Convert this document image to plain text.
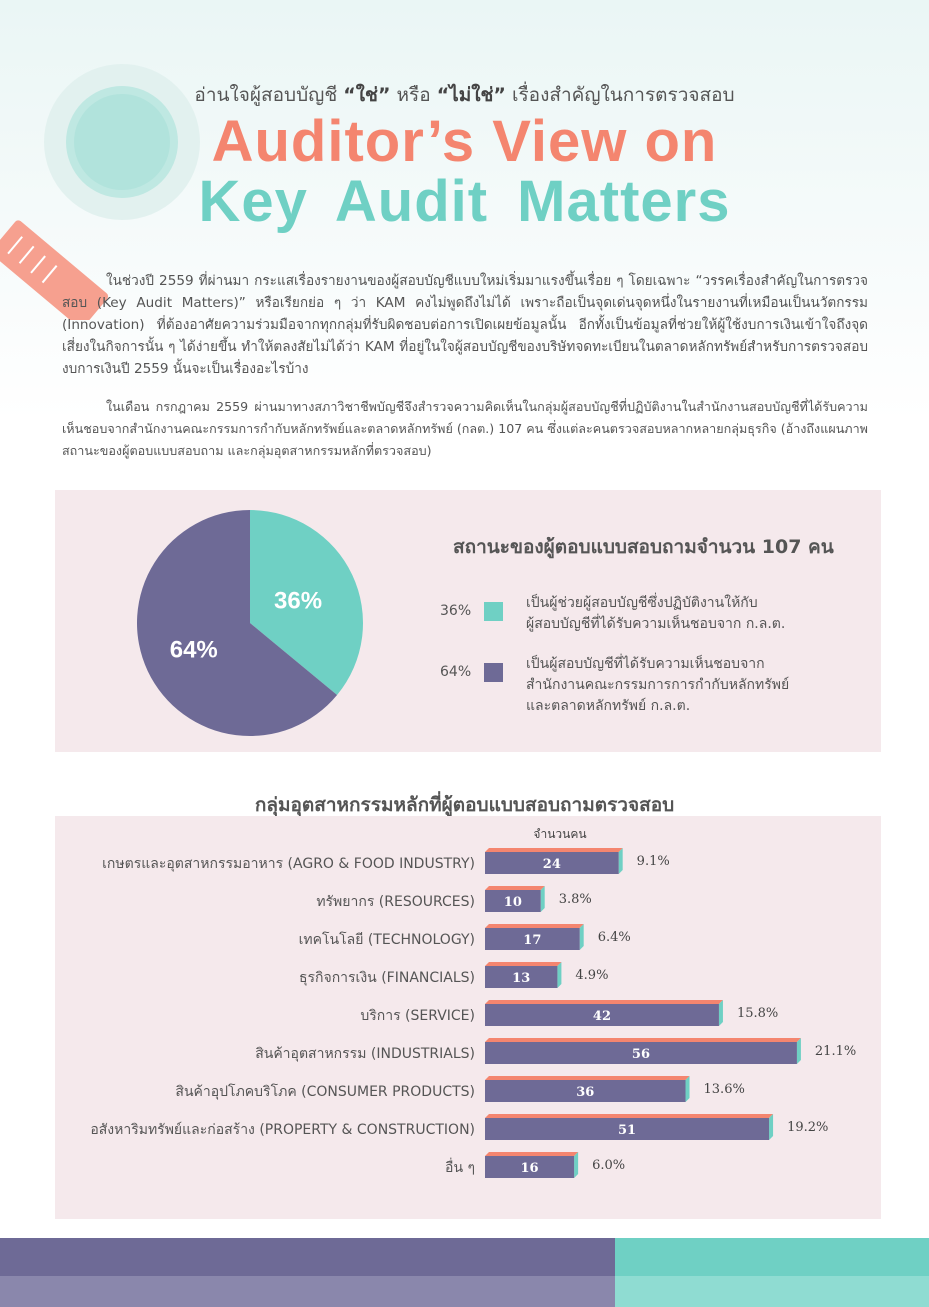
อ่านใจผู้สอบบัญชี “ใช่” หรือ “ไม่ใช่” เรื่องสำคัญในการตรวจสอบ
Auditor’s View on
Key Audit Matters

ในช่วงปี 2559 ที่ผ่านมา กระแสเรื่องรายงานของผู้สอบบัญชีแบบใหม่เริ่มมาแรงขึ้นเรื่อย ๆ โดยเฉพาะ “วรรคเรื่องสำคัญในการตรวจสอบ (Key Audit Matters)” หรือเรียกย่อ ๆ ว่า KAM คงไม่พูดถึงไม่ได้ เพราะถือเป็นจุดเด่นจุดหนึ่งในรายงานที่เหมือนเป็นนวัตกรรม (Innovation) ที่ต้องอาศัยความร่วมมือจากทุกกลุ่มที่รับผิดชอบต่อการเปิดเผยข้อมูลนั้น อีกทั้งเป็นข้อมูลที่ช่วยให้ผู้ใช้งบการเงินเข้าใจถึงจุดเสี่ยงในกิจการนั้น ๆ ได้ง่ายขึ้น ทำให้ตลงสัยไม่ได้ว่า KAM ที่อยู่ในใจผู้สอบบัญชีของบริษัทจดทะเบียนในตลาดหลักทรัพย์สำหรับการตรวจสอบงบการเงินปี 2559 นั้นจะเป็นเรื่องอะไรบ้าง

ในเดือน กรกฎาคม 2559 ผ่านมาทางสภาวิชาชีพบัญชีจึงสำรวจความคิดเห็นในกลุ่มผู้สอบบัญชีที่ปฏิบัติงานในสำนักงานสอบบัญชีที่ได้รับความเห็นชอบจากสำนักงานคณะกรรมการกำกับหลักทรัพย์และตลาดหลักทรัพย์ (กลต.) 107 คน ซึ่งแต่ละคนตรวจสอบหลากหลายกลุ่มธุรกิจ (อ้างถึงแผนภาพ สถานะของผู้ตอบแบบสอบถาม และกลุ่มอุตสาหกรรมหลักที่ตรวจสอบ)

36%
64%
สถานะของผู้ตอบแบบสอบถามจำนวน 107 คน
36%	เป็นผู้ช่วยผู้สอบบัญชีซึ่งปฏิบัติงานให้กับ
ผู้สอบบัญชีที่ได้รับความเห็นชอบจาก ก.ล.ต.
64%	เป็นผู้สอบบัญชีที่ได้รับความเห็นชอบจาก
สำนักงานคณะกรรมการการกำกับหลักทรัพย์
และตลาดหลักทรัพย์ ก.ล.ต.
กลุ่มอุตสาหกรรมหลักที่ผู้ตอบแบบสอบถามตรวจสอบ
จำนวนคน
เกษตรและอุตสาหกรรมอาหาร (AGRO & FOOD INDUSTRY)	24	9.1%
ทรัพยากร (RESOURCES) 10	3.8%
เทคโนโลยี (TECHNOLOGY)	17	6.4%
ธุรกิจการเงิน (FINANCIALS)	13	4.9%
บริการ (SERVICE)	42	15.8%
สินค้าอุตสาหกรรม (INDUSTRIALS)	56	21.1%
สินค้าอุปโภคบริโภค (CONSUMER PRODUCTS)	36	13.6%
อสังหาริมทรัพย์และก่อสร้าง (PROPERTY & CONSTRUCTION)	51	19.2%
อื่น ๆ	16	6.0%
